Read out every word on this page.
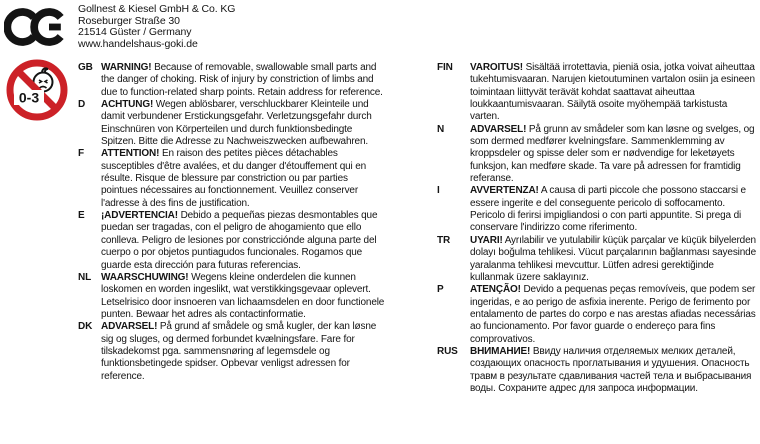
Gollnest & Kiesel GmbH & Co. KG
Roseburger Straße 30
21514 Güster / Germany
www.handelshaus-goki.de
0-3
GB WARNING! Because of removable, swallowable small parts and the danger of choking. Risk of injury by constriction of limbs and due to function-related sharp points. Retain address for reference.

D	ACHTUNG! Wegen ablösbarer, verschluckbarer Kleinteile und damit verbundener Erstickungsgefahr. Verletzungsgefahr durch Einschnüren von Körperteilen und durch funktionsbedingte Spitzen. Bitte die Adresse zu Nachweiszwecken aufbewahren.

F	ATTENTION! En raison des petites pièces détachables susceptibles d'être avalées, et du danger d'étouffement qui en résulte. Risque de blessure par constriction ou par parties pointues nécessaires au fonctionnement. Veuillez conserver l'adresse à des fins de justification.

E	¡ADVERTENCIA! Debido a pequeñas piezas desmontables que puedan ser tragadas, con el peligro de ahogamiento que ello conlleva. Peligro de lesiones por constricciónde alguna parte del cuerpo o por objetos puntiagudos funcionales. Rogamos que guarde esta dirección para futuras referencias.

NL WAARSCHUWING! Wegens kleine onderdelen die kunnen loskomen en worden ingeslikt, wat verstikkingsgevaar oplevert. Letselrisico door insnoeren van lichaamsdelen en door functionele punten. Bewaar het adres als contactinformatie.

DK ADVARSEL! På grund af smådele og små kugler, der kan løsne sig og sluges, og dermed forbundet kvælningsfare. Fare for tilskadekomst pga. sammensnøring af legemsdele og funktionsbetingede spidser. Opbevar venligst adressen for reference.

FIN	VAROITUS! Sisältää irrotettavia, pieniä osia, jotka voivat aiheuttaa tukehtumisvaaran. Narujen kietoutuminen vartalon osiin ja esineen toimintaan liittyvät terävät kohdat saattavat aiheuttaa loukkaantumisvaaran. Säilytä osoite myöhempää tarkistusta varten.

N	ADVARSEL! På grunn av smådeler som kan løsne og svelges, og som dermed medfører kvelningsfare. Sammenklemming av kroppsdeler og spisse deler som er nødvendige for leketøyets funksjon, kan medføre skade. Ta vare på adressen for framtidig referanse.

I	AVVERTENZA! A causa di parti piccole che possono staccarsi e essere ingerite e del conseguente pericolo di soffocamento. Pericolo di ferirsi impigliandosi o con parti appuntite. Si prega di conservare l'indirizzo come riferimento.

TR	UYARI! Ayrılabilir ve yutulabilir küçük parçalar ve küçük bilyelerden dolayı boğulma tehlikesi. Vücut parçalarının bağlanması sayesinde yaralanma tehlikesi mevcuttur. Lütfen adresi gerektiğinde kullanmak üzere saklayınız.

P	ATENÇÃO! Devido a pequenas peças removíveis, que podem ser ingeridas, e ao perigo de asfixia inerente. Perigo de ferimento por entalamento de partes do corpo e nas arestas afiadas necessárias ao funcionamento. Por favor guarde o endereço para fins comprovativos.

RUS	ВНИМАНИЕ! Ввиду наличия отделяемых мелких деталей, создающих опасность проглатывания и удушения. Опасность травм в результате сдавливания частей тела и выбрасывания воды. Сохраните адрес для запроса информации.
